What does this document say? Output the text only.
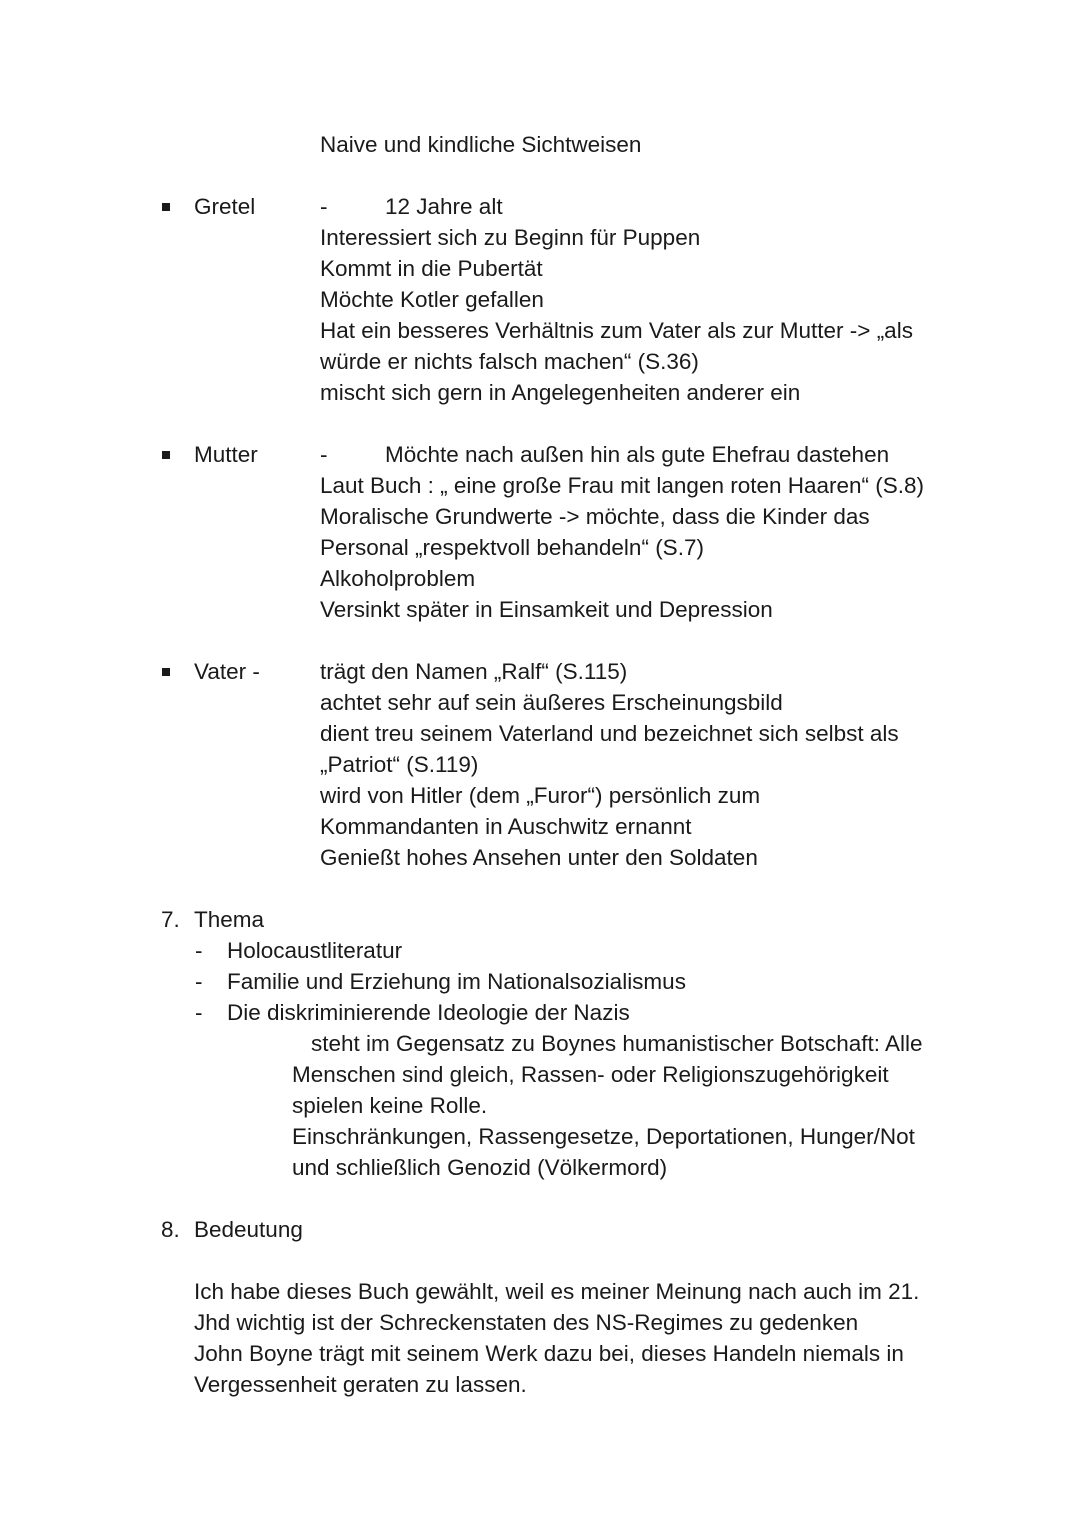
Naive und kindliche Sichtweisen
Gretel	-	12 Jahre alt
Interessiert sich zu Beginn für Puppen
Kommt in die Pubertät
Möchte Kotler gefallen
Hat ein besseres Verhältnis zum Vater als zur Mutter -> „als
würde er nichts falsch machen“ (S.36)
mischt sich gern in Angelegenheiten anderer ein
Mutter	-	Möchte nach außen hin als gute Ehefrau dastehen
Laut Buch : „ eine große Frau mit langen roten Haaren“ (S.8)
Moralische Grundwerte -> möchte, dass die Kinder das
Personal „respektvoll behandeln“ (S.7)
Alkoholproblem
Versinkt später in Einsamkeit und Depression
Vater -	trägt den Namen „Ralf“ (S.115)
achtet sehr auf sein äußeres Erscheinungsbild
dient treu seinem Vaterland und bezeichnet sich selbst als
„Patriot“ (S.119)
wird von Hitler (dem „Furor“) persönlich zum
Kommandanten in Auschwitz ernannt
Genießt hohes Ansehen unter den Soldaten
7. Thema
- Holocaustliteratur
- Familie und Erziehung im Nationalsozialismus
- Die diskriminierende Ideologie der Nazis
steht im Gegensatz zu Boynes humanistischer Botschaft: Alle
Menschen sind gleich, Rassen- oder Religionszugehörigkeit
spielen keine Rolle.
Einschränkungen, Rassengesetze, Deportationen, Hunger/Not
und schließlich Genozid (Völkermord)
8. Bedeutung
Ich habe dieses Buch gewählt, weil es meiner Meinung nach auch im 21.
Jhd wichtig ist der Schreckenstaten des NS-Regimes zu gedenken
John Boyne trägt mit seinem Werk dazu bei, dieses Handeln niemals in
Vergessenheit geraten zu lassen.
